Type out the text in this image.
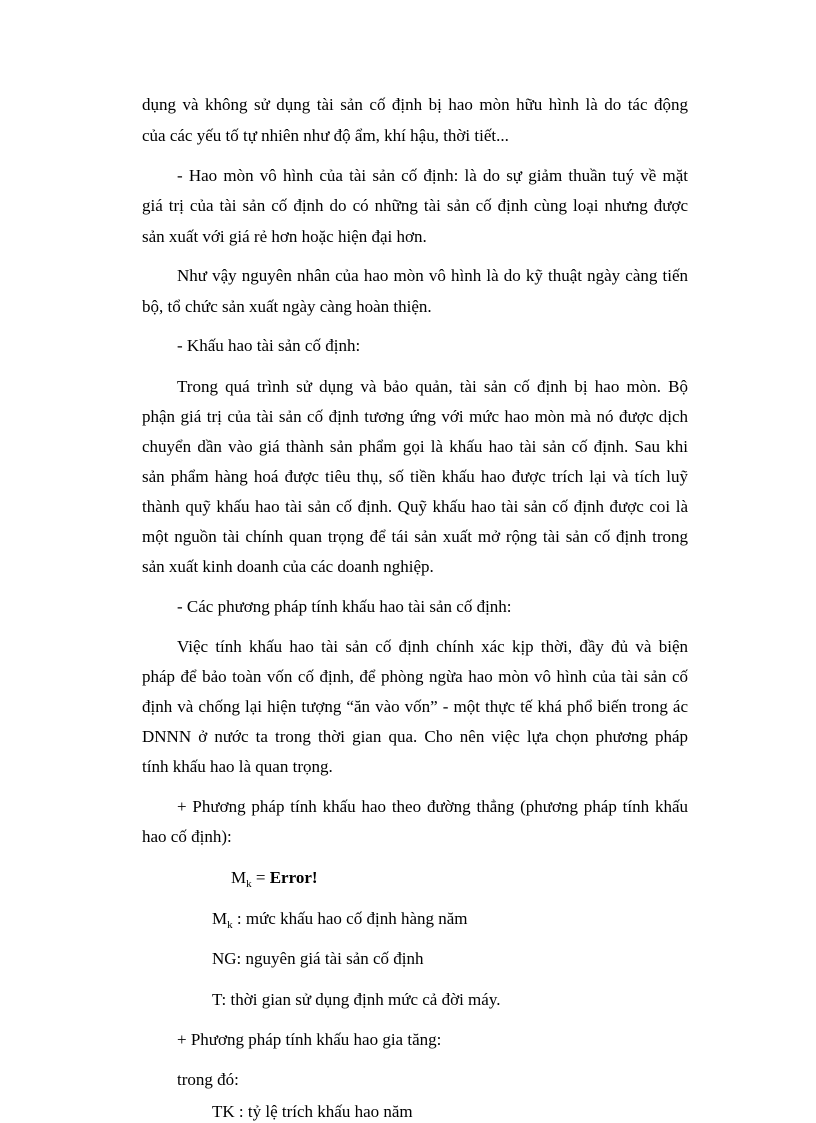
dụng và không sử dụng tài sản cố định bị hao mòn hữu hình là do tác động
của các yếu tố tự nhiên như độ ẩm, khí hậu, thời tiết...
- Hao mòn vô hình của tài sản cố định: là do sự giảm thuần tuý về mặt
giá trị của tài sản cố định do có những tài sản cố định cùng loại nhưng được
sản xuất với giá rẻ hơn hoặc hiện đại hơn.
Như vậy nguyên nhân của hao mòn vô hình là do kỹ thuật ngày càng tiến
bộ, tổ chức sản xuất ngày càng hoàn thiện.
- Khấu hao tài sản cố định:
Trong quá trình sử dụng và bảo quản, tài sản cố định bị hao mòn. Bộ
phận giá trị của tài sản cố định tương ứng với mức hao mòn mà nó được dịch
chuyển dần vào giá thành sản phẩm gọi là khấu hao tài sản cố định. Sau khi
sản phẩm hàng hoá được tiêu thụ, số tiền khấu hao được trích lại và tích luỹ
thành quỹ khấu hao tài sản cố định. Quỹ khấu hao tài sản cố định được coi là
một nguồn tài chính quan trọng để tái sản xuất mở rộng tài sản cố định trong
sản xuất kinh doanh của các doanh nghiệp.
- Các phương pháp tính khấu hao tài sản cố định:
Việc tính khấu hao tài sản cố định chính xác kịp thời, đầy đủ và biện
pháp để bảo toàn vốn cố định, để phòng ngừa hao mòn vô hình của tài sản cố
định và chống lại hiện tượng “ăn vào vốn” - một thực tế khá phổ biến trong ác
DNNN ở nước ta trong thời gian qua. Cho nên việc lựa chọn phương pháp
tính khấu hao là quan trọng.
+ Phương pháp tính khấu hao theo đường thẳng (phương pháp tính khấu
hao cố định):
$M_k$ = Error!
$M_k$ : mức khấu hao cố định hàng năm
NG: nguyên giá tài sản cố định
T: thời gian sử dụng định mức cả đời máy.
+ Phương pháp tính khấu hao gia tăng:
trong đó:
TK : tỷ lệ trích khấu hao năm
